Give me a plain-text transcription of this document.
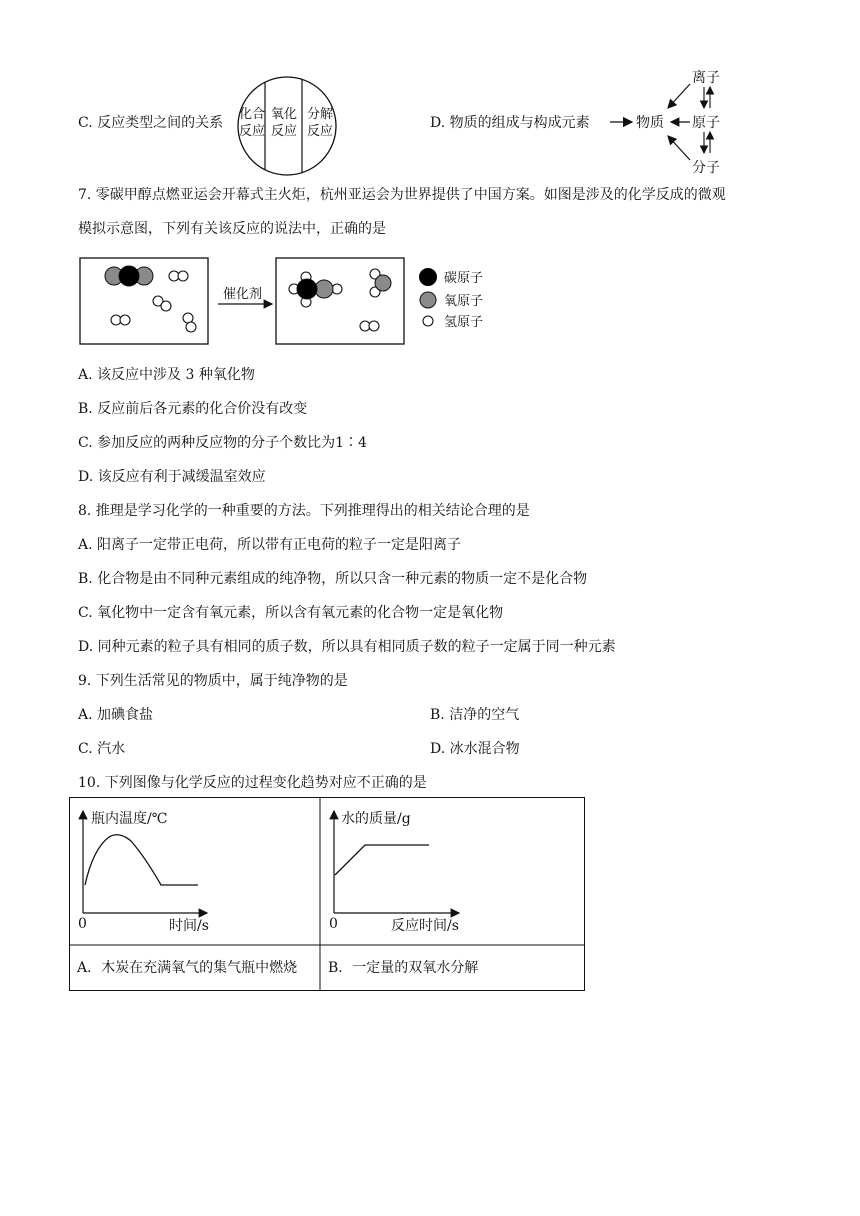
C. 反应类型之间的关系
化合
反应
氧化
反应
分解
反应
D. 物质的组成与构成元素	物质
离子
原子
分子
7. 零碳甲醇点燃亚运会开幕式主火炬，杭州亚运会为世界提供了中国方案。如图是涉及的化学反成的微观
模拟示意图，下列有关该反应的说法中，正确的是
催化剂
碳原子
氧原子
氢原子
A. 该反应中涉及 3 种氧化物
B. 反应前后各元素的化合价没有改变
C. 参加反应的两种反应物的分子个数比为1∶4
D. 该反应有利于减缓温室效应
8. 推理是学习化学的一种重要的方法。下列推理得出的相关结论合理的是
A. 阳离子一定带正电荷，所以带有正电荷的粒子一定是阳离子
B. 化合物是由不同种元素组成的纯净物，所以只含一种元素的物质一定不是化合物
C. 氧化物中一定含有氧元素，所以含有氧元素的化合物一定是氧化物
D. 同种元素的粒子具有相同的质子数，所以具有相同质子数的粒子一定属于同一种元素
9. 下列生活常见的物质中，属于纯净物的是
A. 加碘食盐	B. 洁净的空气
C. 汽水	D. 冰水混合物
10. 下列图像与化学反应的过程变化趋势对应不正确的是
瓶内温度/℃
时间/s
0
水的质量/g
反应时间/s
0
A．木炭在充满氧气的集气瓶中燃烧 B．一定量的双氧水分解
